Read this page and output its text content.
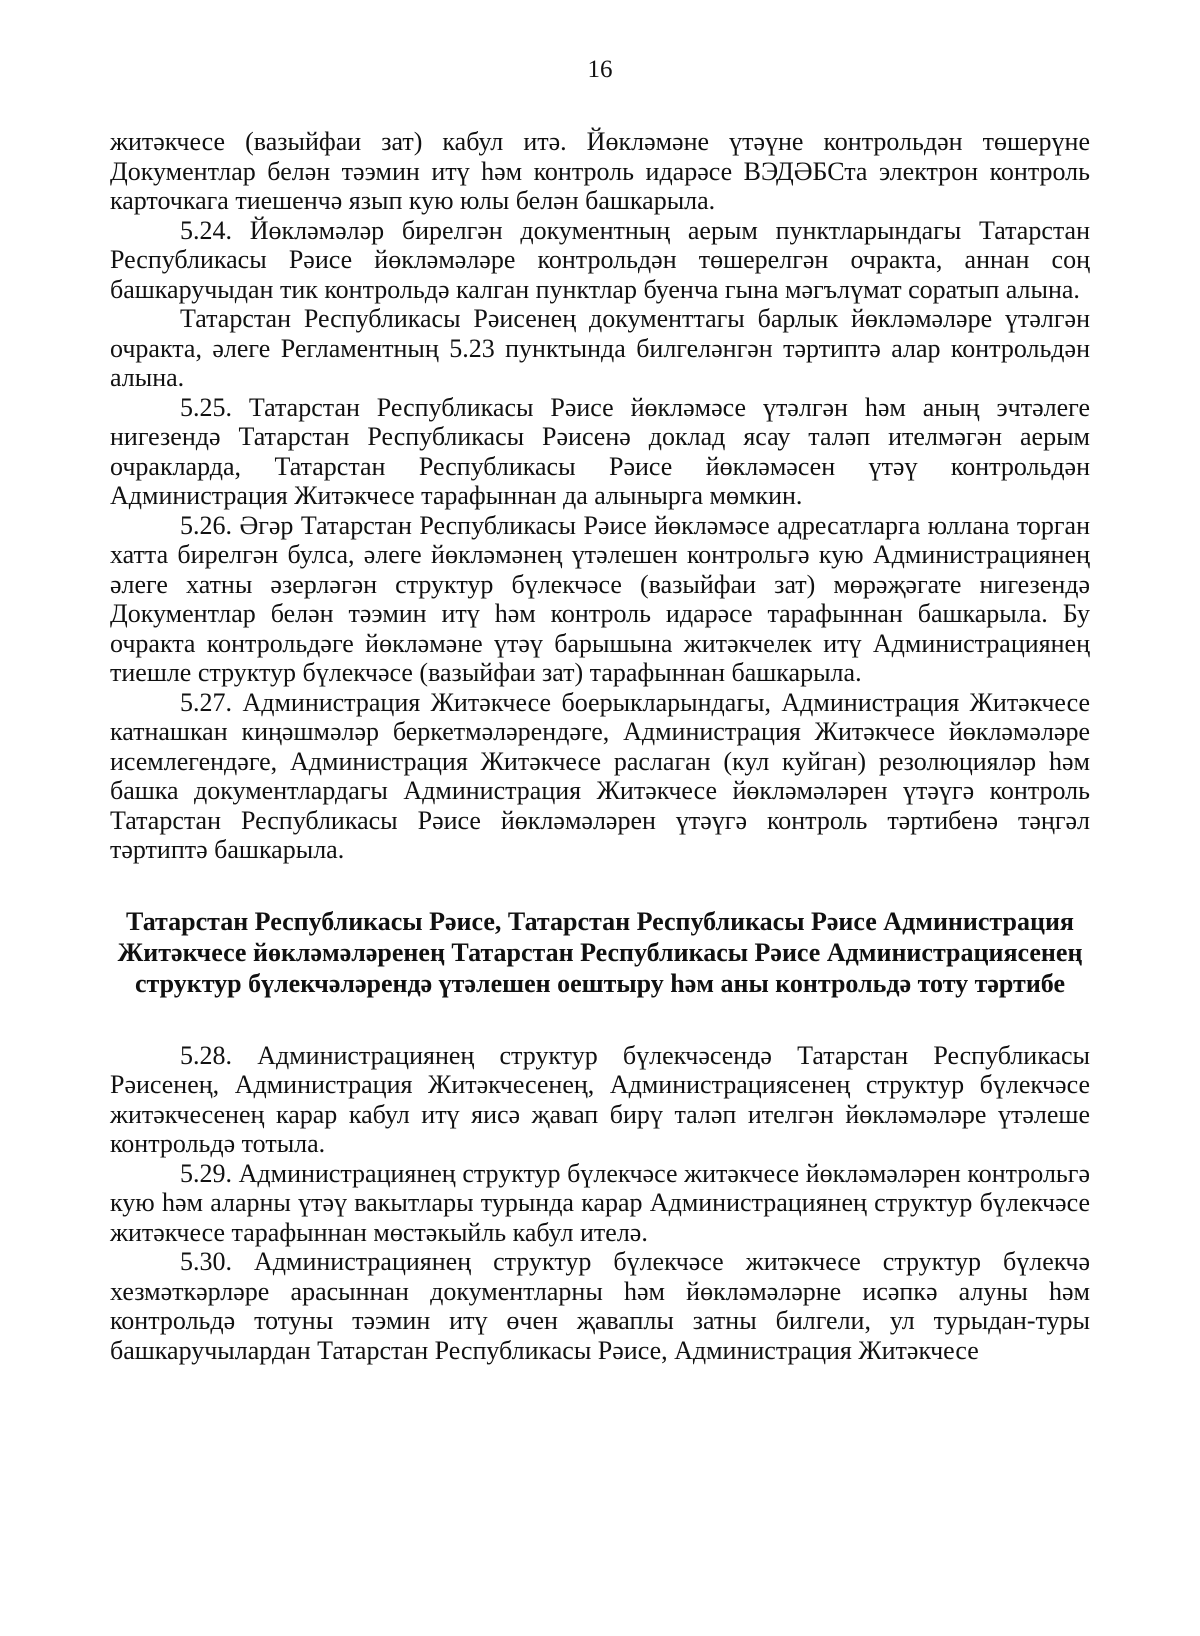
16

житәкчесе (вазыйфаи зат) кабул итә. Йөкләмәне үтәүне контрольдән төшерүне Документлар белән тәэмин итү һәм контроль идарәсе ВЭДӘБСта электрон контроль карточкага тиешенчә язып кую юлы белән башкарыла.

5.24. Йөкләмәләр бирелгән документның аерым пунктларындагы Татарстан Республикасы Рәисе йөкләмәләре контрольдән төшерелгән очракта, аннан соң башкаручыдан тик контрольдә калган пунктлар буенча гына мәгълүмат соратып алына.

Татарстан Республикасы Рәисенең документтагы барлык йөкләмәләре үтәлгән очракта, әлеге Регламентның 5.23 пунктында билгеләнгән тәртиптә алар контрольдән алына.

5.25. Татарстан Республикасы Рәисе йөкләмәсе үтәлгән һәм аның эчтәлеге нигезендә Татарстан Республикасы Рәисенә доклад ясау таләп ителмәгән аерым очракларда, Татарстан Республикасы Рәисе йөкләмәсен үтәү контрольдән Администрация Житәкчесе тарафыннан да алынырга мөмкин.

5.26. Әгәр Татарстан Республикасы Рәисе йөкләмәсе адресатларга юллана торган хатта бирелгән булса, әлеге йөкләмәнең үтәлешен контрольгә кую Администрациянең әлеге хатны әзерләгән структур бүлекчәсе (вазыйфаи зат) мөрәҗәгате нигезендә Документлар белән тәэмин итү һәм контроль идарәсе тарафыннан башкарыла. Бу очракта контрольдәге йөкләмәне үтәү барышына житәкчелек итү Администрациянең тиешле структур бүлекчәсе (вазыйфаи зат) тарафыннан башкарыла.

5.27. Администрация Житәкчесе боерыкларындагы, Администрация Житәкчесе катнашкан киңәшмәләр беркетмәләрендәге, Администрация Житәкчесе йөкләмәләре исемлегендәге, Администрация Житәкчесе раслаган (кул куйган) резолюцияләр һәм башка документлардагы Администрация Житәкчесе йөкләмәләрен үтәүгә контроль Татарстан Республикасы Рәисе йөкләмәләрен үтәүгә контроль тәртибенә тәңгәл тәртиптә башкарыла.

Татарстан Республикасы Рәисе, Татарстан Республикасы Рәисе Администрация Житәкчесе йөкләмәләренең Татарстан Республикасы Рәисе Администрациясенең структур бүлекчәләрендә үтәлешен оештыру һәм аны контрольдә тоту тәртибе

5.28. Администрациянең структур бүлекчәсендә Татарстан Республикасы Рәисенең, Администрация Житәкчесенең, Администрациясенең структур бүлекчәсе житәкчесенең карар кабул итү яисә җавап бирү таләп ителгән йөкләмәләре үтәлеше контрольдә тотыла.

5.29. Администрациянең структур бүлекчәсе житәкчесе йөкләмәләрен контрольгә кую һәм аларны үтәү вакытлары турында карар Администрациянең структур бүлекчәсе житәкчесе тарафыннан мөстәкыйль кабул ителә.

5.30. Администрациянең структур бүлекчәсе житәкчесе структур бүлекчә хезмәткәрләре арасыннан документларны һәм йөкләмәләрне исәпкә алуны һәм контрольдә тотуны тәэмин итү өчен җаваплы затны билгели, ул турыдан-туры башкаручылардан Татарстан Республикасы Рәисе, Администрация Житәкчесе
